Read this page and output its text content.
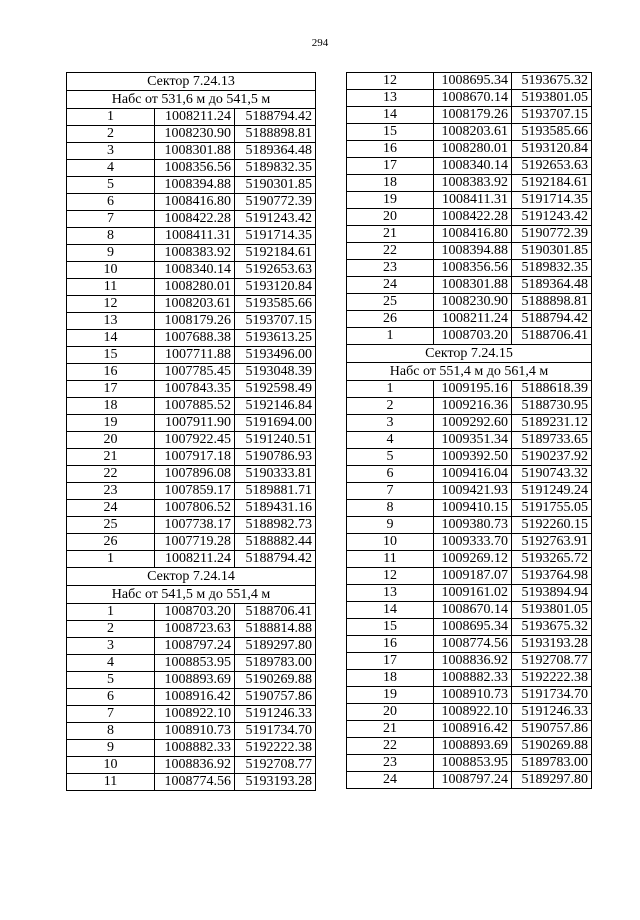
294
Сектор 7.24.13		
Набс от 531,6 м до 541,5 м		
1	1008211.24	5188794.42
2	1008230.90	5188898.81
3	1008301.88	5189364.48
4	1008356.56	5189832.35
5	1008394.88	5190301.85
6	1008416.80	5190772.39
7	1008422.28	5191243.42
8	1008411.31	5191714.35
9	1008383.92	5192184.61
10	1008340.14	5192653.63
11	1008280.01	5193120.84
12	1008203.61	5193585.66
13	1008179.26	5193707.15
14	1007688.38	5193613.25
15	1007711.88	5193496.00
16	1007785.45	5193048.39
17	1007843.35	5192598.49
18	1007885.52	5192146.84
19	1007911.90	5191694.00
20	1007922.45	5191240.51
21	1007917.18	5190786.93
22	1007896.08	5190333.81
23	1007859.17	5189881.71
24	1007806.52	5189431.16
25	1007738.17	5188982.73
26	1007719.28	5188882.44
1	1008211.24	5188794.42
Сектор 7.24.14		
Набс от 541,5 м до 551,4 м		
1	1008703.20	5188706.41
2	1008723.63	5188814.88
3	1008797.24	5189297.80
4	1008853.95	5189783.00
5	1008893.69	5190269.88
6	1008916.42	5190757.86
7	1008922.10	5191246.33
8	1008910.73	5191734.70
9	1008882.33	5192222.38
10	1008836.92	5192708.77
11	1008774.56	5193193.28
12	1008695.34	5193675.32
13	1008670.14	5193801.05
14	1008179.26	5193707.15
15	1008203.61	5193585.66
16	1008280.01	5193120.84
17	1008340.14	5192653.63
18	1008383.92	5192184.61
19	1008411.31	5191714.35
20	1008422.28	5191243.42
21	1008416.80	5190772.39
22	1008394.88	5190301.85
23	1008356.56	5189832.35
24	1008301.88	5189364.48
25	1008230.90	5188898.81
26	1008211.24	5188794.42
1	1008703.20	5188706.41
Сектор 7.24.15		
Набс от 551,4 м до 561,4 м		
1	1009195.16	5188618.39
2	1009216.36	5188730.95
3	1009292.60	5189231.12
4	1009351.34	5189733.65
5	1009392.50	5190237.92
6	1009416.04	5190743.32
7	1009421.93	5191249.24
8	1009410.15	5191755.05
9	1009380.73	5192260.15
10	1009333.70	5192763.91
11	1009269.12	5193265.72
12	1009187.07	5193764.98
13	1009161.02	5193894.94
14	1008670.14	5193801.05
15	1008695.34	5193675.32
16	1008774.56	5193193.28
17	1008836.92	5192708.77
18	1008882.33	5192222.38
19	1008910.73	5191734.70
20	1008922.10	5191246.33
21	1008916.42	5190757.86
22	1008893.69	5190269.88
23	1008853.95	5189783.00
24	1008797.24	5189297.80
